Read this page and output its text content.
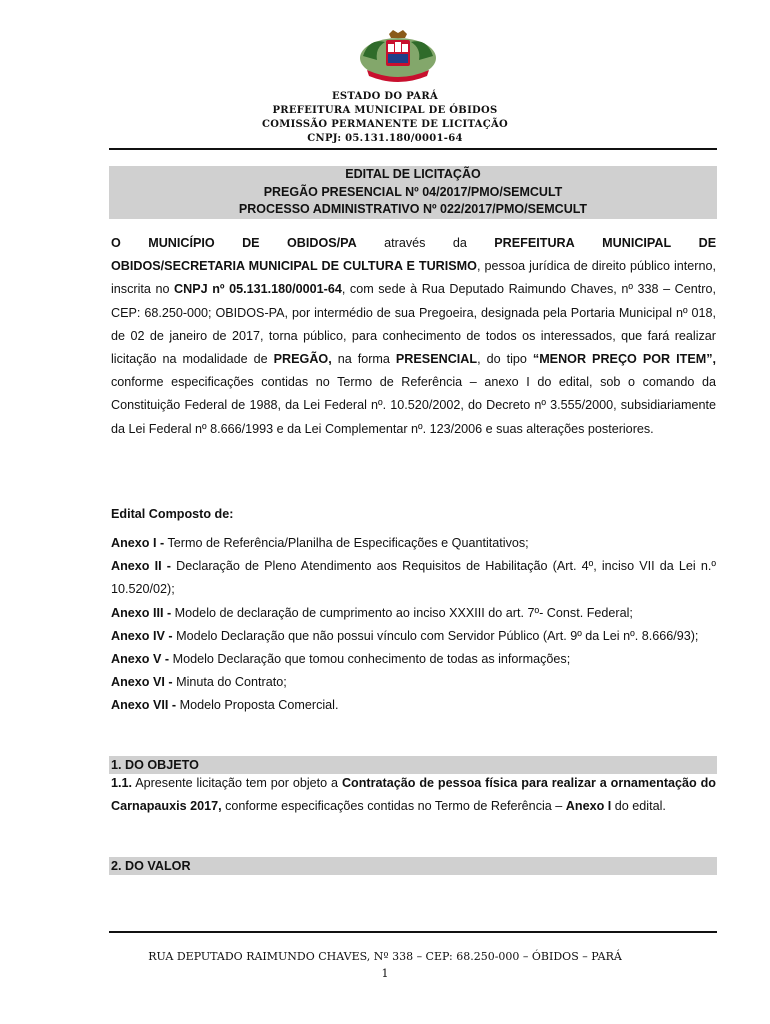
ESTADO DO PARÁ
PREFEITURA MUNICIPAL DE ÓBIDOS
COMISSÃO PERMANENTE DE LICITAÇÃO
CNPJ: 05.131.180/0001-64
EDITAL DE LICITAÇÃO
PREGÃO PRESENCIAL Nº 04/2017/PMO/SEMCULT
PROCESSO ADMINISTRATIVO Nº 022/2017/PMO/SEMCULT
O MUNICÍPIO DE OBIDOS/PA através da PREFEITURA MUNICIPAL DE
OBIDOS/SECRETARIA MUNICIPAL DE CULTURA E TURISMO, pessoa jurídica de direito público interno, inscrita no CNPJ nº 05.131.180/0001-64, com sede à Rua Deputado Raimundo Chaves, nº 338 – Centro, CEP: 68.250-000; OBIDOS-PA, por intermédio de sua Pregoeira, designada pela Portaria Municipal nº 018, de 02 de janeiro de 2017, torna público, para conhecimento de todos os interessados, que fará realizar licitação na modalidade de PREGÃO, na forma PRESENCIAL, do tipo “MENOR PREÇO POR ITEM”, conforme especificações contidas no Termo de Referência – anexo I do edital, sob o comando da Constituição Federal de 1988, da Lei Federal nº. 10.520/2002, do Decreto nº 3.555/2000, subsidiariamente da Lei Federal nº 8.666/1993 e da Lei Complementar nº. 123/2006 e suas alterações posteriores.
Edital Composto de:
Anexo I - Termo de Referência/Planilha de Especificações e Quantitativos;
Anexo II - Declaração de Pleno Atendimento aos Requisitos de Habilitação (Art. 4º, inciso VII da Lei n.º 10.520/02);
Anexo III - Modelo de declaração de cumprimento ao inciso XXXIII do art. 7º- Const. Federal;
Anexo IV - Modelo Declaração que não possui vínculo com Servidor Público (Art. 9º da Lei nº. 8.666/93);
Anexo V - Modelo Declaração que tomou conhecimento de todas as informações;
Anexo VI - Minuta do Contrato;
Anexo VII - Modelo Proposta Comercial.
1. DO OBJETO
1.1. Apresente licitação tem por objeto a Contratação de pessoa física para realizar a ornamentação do Carnapauxis 2017, conforme especificações contidas no Termo de Referência – Anexo I do edital.
2. DO VALOR
RUA DEPUTADO RAIMUNDO CHAVES, Nº 338 – CEP: 68.250-000 – ÓBIDOS – PARÁ
1
